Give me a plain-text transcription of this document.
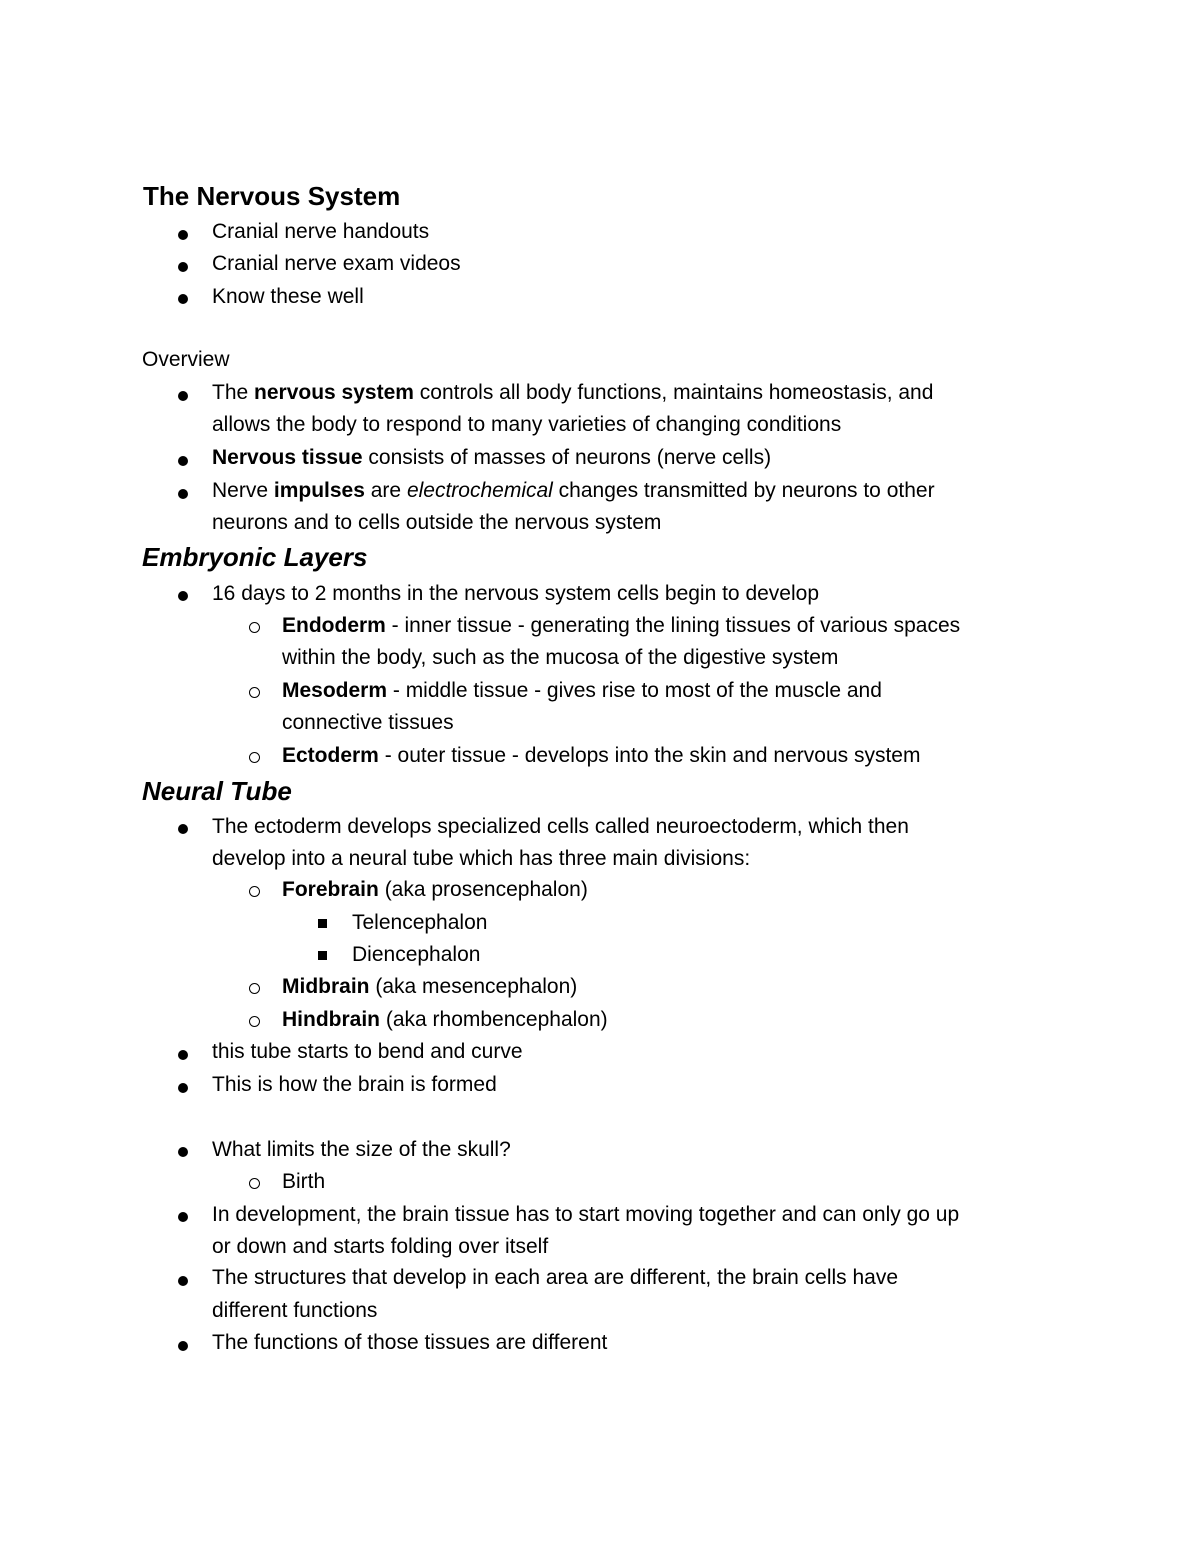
The Nervous System
Cranial nerve handouts
Cranial nerve exam videos
Know these well
Overview
The nervous system controls all body functions, maintains homeostasis, and
allows the body to respond to many varieties of changing conditions
Nervous tissue consists of masses of neurons (nerve cells)
Nerve impulses are electrochemical changes transmitted by neurons to other
neurons and to cells outside the nervous system
Embryonic Layers
16 days to 2 months in the nervous system cells begin to develop
Endoderm - inner tissue - generating the lining tissues of various spaces
within the body, such as the mucosa of the digestive system
Mesoderm - middle tissue - gives rise to most of the muscle and
connective tissues
Ectoderm - outer tissue - develops into the skin and nervous system
Neural Tube
The ectoderm develops specialized cells called neuroectoderm, which then
develop into a neural tube which has three main divisions:
Forebrain (aka prosencephalon)
Telencephalon
Diencephalon
Midbrain (aka mesencephalon)
Hindbrain (aka rhombencephalon)
this tube starts to bend and curve
This is how the brain is formed
What limits the size of the skull?
Birth
In development, the brain tissue has to start moving together and can only go up
or down and starts folding over itself
The structures that develop in each area are different, the brain cells have
different functions
The functions of those tissues are different
